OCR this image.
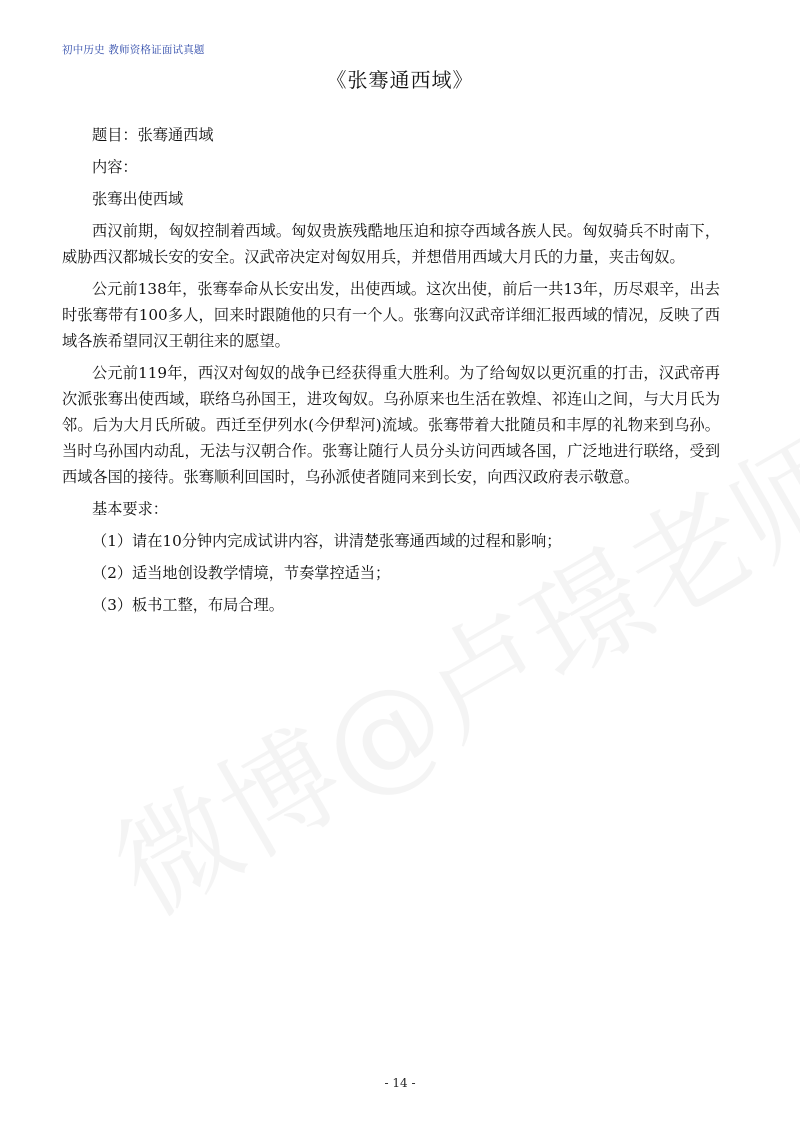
初中历史 教师资格证面试真题
《张骞通西域》

题目：张骞通西域

内容：

张骞出使西域

西汉前期，匈奴控制着西域。匈奴贵族残酷地压迫和掠夺西域各族人民。匈奴骑兵不时南下，威胁西汉都城长安的安全。汉武帝决定对匈奴用兵，并想借用西域大月氏的力量，夹击匈奴。

公元前138年，张骞奉命从长安出发，出使西域。这次出使，前后一共13年，历尽艰辛，出去时张骞带有100多人，回来时跟随他的只有一个人。张骞向汉武帝详细汇报西域的情况，反映了西域各族希望同汉王朝往来的愿望。

公元前119年，西汉对匈奴的战争已经获得重大胜利。为了给匈奴以更沉重的打击，汉武帝再次派张骞出使西域，联络乌孙国王，进攻匈奴。乌孙原来也生活在敦煌、祁连山之间，与大月氏为邻。后为大月氏所破。西迁至伊列水(今伊犁河)流域。张骞带着大批随员和丰厚的礼物来到乌孙。当时乌孙国内动乱，无法与汉朝合作。张骞让随行人员分头访问西域各国，广泛地进行联络，受到西域各国的接待。张骞顺利回国时，乌孙派使者随同来到长安，向西汉政府表示敬意。

基本要求：

（1）请在10分钟内完成试讲内容，讲清楚张骞通西域的过程和影响；

（2）适当地创设教学情境，节奏掌控适当；

（3）板书工整，布局合理。

- 14 -
